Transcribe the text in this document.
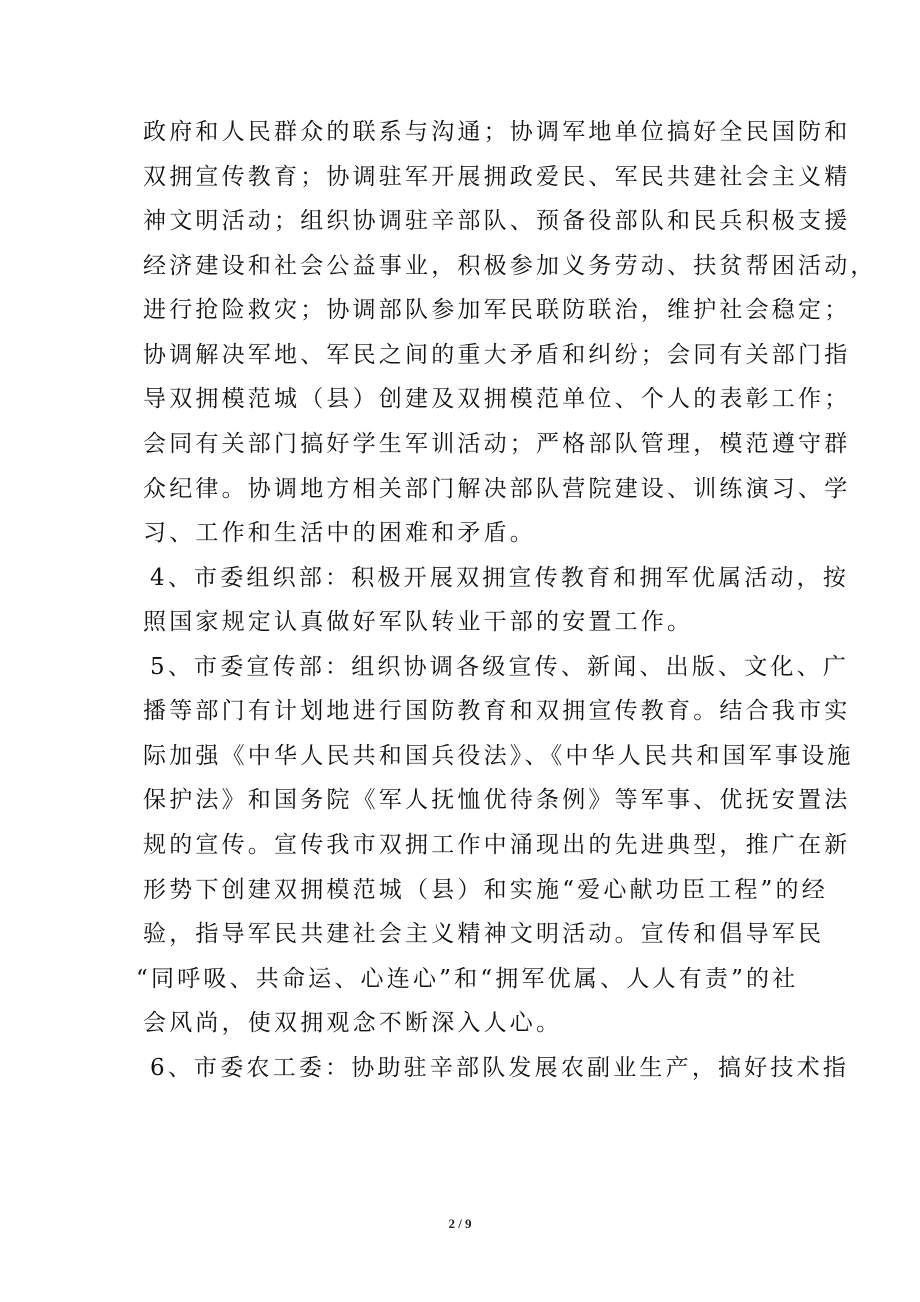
政府和人民群众的联系与沟通；协调军地单位搞好全民国防和
双拥宣传教育；协调驻军开展拥政爱民、军民共建社会主义精
神文明活动；组织协调驻辛部队、预备役部队和民兵积极支援
经济建设和社会公益事业，积极参加义务劳动、扶贫帮困活动，
进行抢险救灾；协调部队参加军民联防联治，维护社会稳定；
协调解决军地、军民之间的重大矛盾和纠纷；会同有关部门指
导双拥模范城（县）创建及双拥模范单位、个人的表彰工作；
会同有关部门搞好学生军训活动；严格部队管理，模范遵守群
众纪律。协调地方相关部门解决部队营院建设、训练演习、学
习、工作和生活中的困难和矛盾。
4、市委组织部：积极开展双拥宣传教育和拥军优属活动，按
照国家规定认真做好军队转业干部的安置工作。
5、市委宣传部：组织协调各级宣传、新闻、出版、文化、广
播等部门有计划地进行国防教育和双拥宣传教育。结合我市实
际加强《中华人民共和国兵役法》、《中华人民共和国军事设施
保护法》和国务院《军人抚恤优待条例》等军事、优抚安置法
规的宣传。宣传我市双拥工作中涌现出的先进典型，推广在新
形势下创建双拥模范城（县）和实施“爱心献功臣工程”的经
验，指导军民共建社会主义精神文明活动。宣传和倡导军民
“同呼吸、共命运、心连心”和“拥军优属、人人有责”的社
会风尚，使双拥观念不断深入人心。
6、市委农工委：协助驻辛部队发展农副业生产，搞好技术指
2 / 9
